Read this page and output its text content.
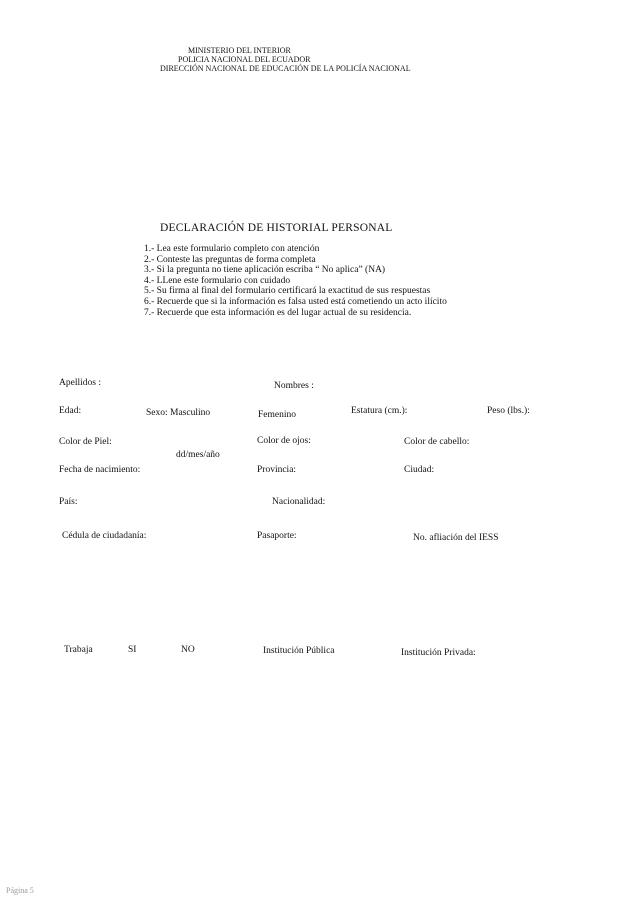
MINISTERIO DEL INTERIOR
POLICIA NACIONAL DEL ECUADOR
DIRECCIÓN NACIONAL DE EDUCACIÓN DE LA POLICÍA NACIONAL
DECLARACIÓN DE HISTORIAL PERSONAL
1.- Lea este formulario completo con atención
2.- Conteste las preguntas de forma completa
3.- Si la pregunta no tiene aplicación escriba “ No aplica” (NA)
4.- LLene este formulario con cuidado
5.- Su firma al final del formulario certificará la exactitud de sus respuestas
6.- Recuerde que si la información es falsa usted está cometiendo un acto ilícito
7.- Recuerde que esta información es del lugar actual de su residencia.
Apellidos :	Nombres :
Edad:	Sexo: Masculino	Femenino	Estatura (cm.):	Peso (lbs.):
Color de Piel:	Color de ojos:	Color de cabello:
dd/mes/año
Fecha de nacimiento:	Provincia:	Ciudad:
País:	Nacionalidad:
Cédula de ciudadanía:	Pasaporte:	No. afliación del IESS
Trabaja	SI	NO	Institución Pública	Institución Privada:
Página 5
